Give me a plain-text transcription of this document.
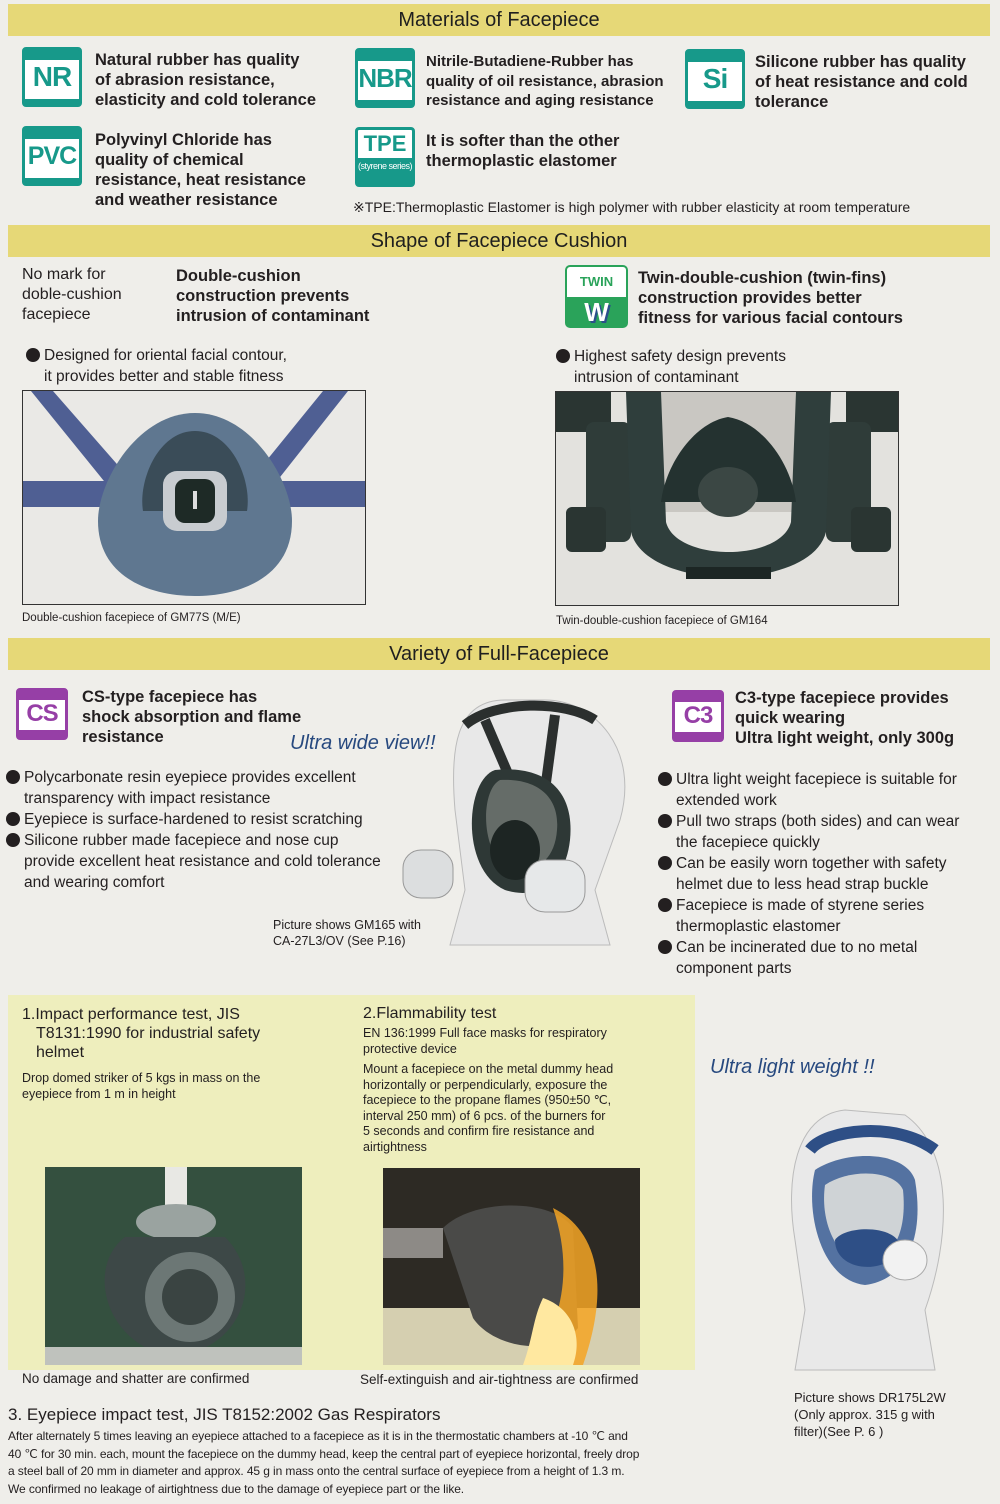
Materials of Facepiece
NR
Natural rubber has quality
of abrasion resistance,
elasticity and cold tolerance
NBR
Nitrile-Butadiene-Rubber has
quality of oil resistance, abrasion
resistance and aging resistance
Si
Silicone rubber has quality
of heat resistance and cold
tolerance
PVC
Polyvinyl Chloride has
quality of chemical
resistance, heat resistance
and weather resistance
TPE
(styrene series)
It is softer than the other
thermoplastic elastomer
※TPE:Thermoplastic Elastomer is high polymer with rubber elasticity at room temperature
Shape of Facepiece Cushion
No mark for
doble-cushion
facepiece
Double-cushion
construction prevents
intrusion of contaminant
Designed for oriental facial contour,
it provides better and stable fitness
Double-cushion facepiece of GM77S (M/E)
TWIN
W
Twin-double-cushion (twin-fins)
construction provides better
fitness for various facial contours
Highest safety design prevents
intrusion of contaminant
Twin-double-cushion facepiece of GM164
Variety of Full-Facepiece
CS
CS-type facepiece has
shock absorption and flame
resistance	Ultra wide view!!
Polycarbonate resin eyepiece provides excellent
transparency with impact resistance
Eyepiece is surface-hardened to resist scratching
Silicone rubber made facepiece and nose cup
provide excellent heat resistance and cold tolerance
and wearing comfort
Picture shows GM165 with
CA-27L3/OV (See P.16)
C3
C3-type facepiece provides
quick wearing
Ultra light weight, only 300g
Ultra light weight facepiece is suitable for
extended work
Pull two straps (both sides) and can wear
the facepiece quickly
Can be easily worn together with safety
helmet due to less head strap buckle
Facepiece is made of styrene series
thermoplastic elastomer
Can be incinerated due to no metal
component parts
1.Impact performance test, JIS
T8131:1990 for industrial safety
helmet
Drop domed striker of 5 kgs in mass on the
eyepiece from 1 m in height
No damage and shatter are confirmed
2.Flammability test
EN 136:1999 Full face masks for respiratory
protective device
Mount a facepiece on the metal dummy head
horizontally or perpendicularly, exposure the
facepiece to the propane flames (950±50 ℃,
interval 250 mm) of 6 pcs. of the burners for
5 seconds and confirm fire resistance and
airtightness
Self-extinguish and air-tightness are confirmed
3. Eyepiece impact test, JIS T8152:2002 Gas Respirators
After alternately 5 times leaving an eyepiece attached to a facepiece as it is in the thermostatic chambers at -10 ℃ and
40 ℃ for 30 min. each, mount the facepiece on the dummy head, keep the central part of eyepiece horizontal, freely drop
a steel ball of 20 mm in diameter and approx. 45 g in mass onto the central surface of eyepiece from a height of 1.3 m.
We confirmed no leakage of airtightness due to the damage of eyepiece part or the like.
Ultra light weight !!
Picture shows DR175L2W
(Only approx. 315 g with
filter)(See P. 6 )
